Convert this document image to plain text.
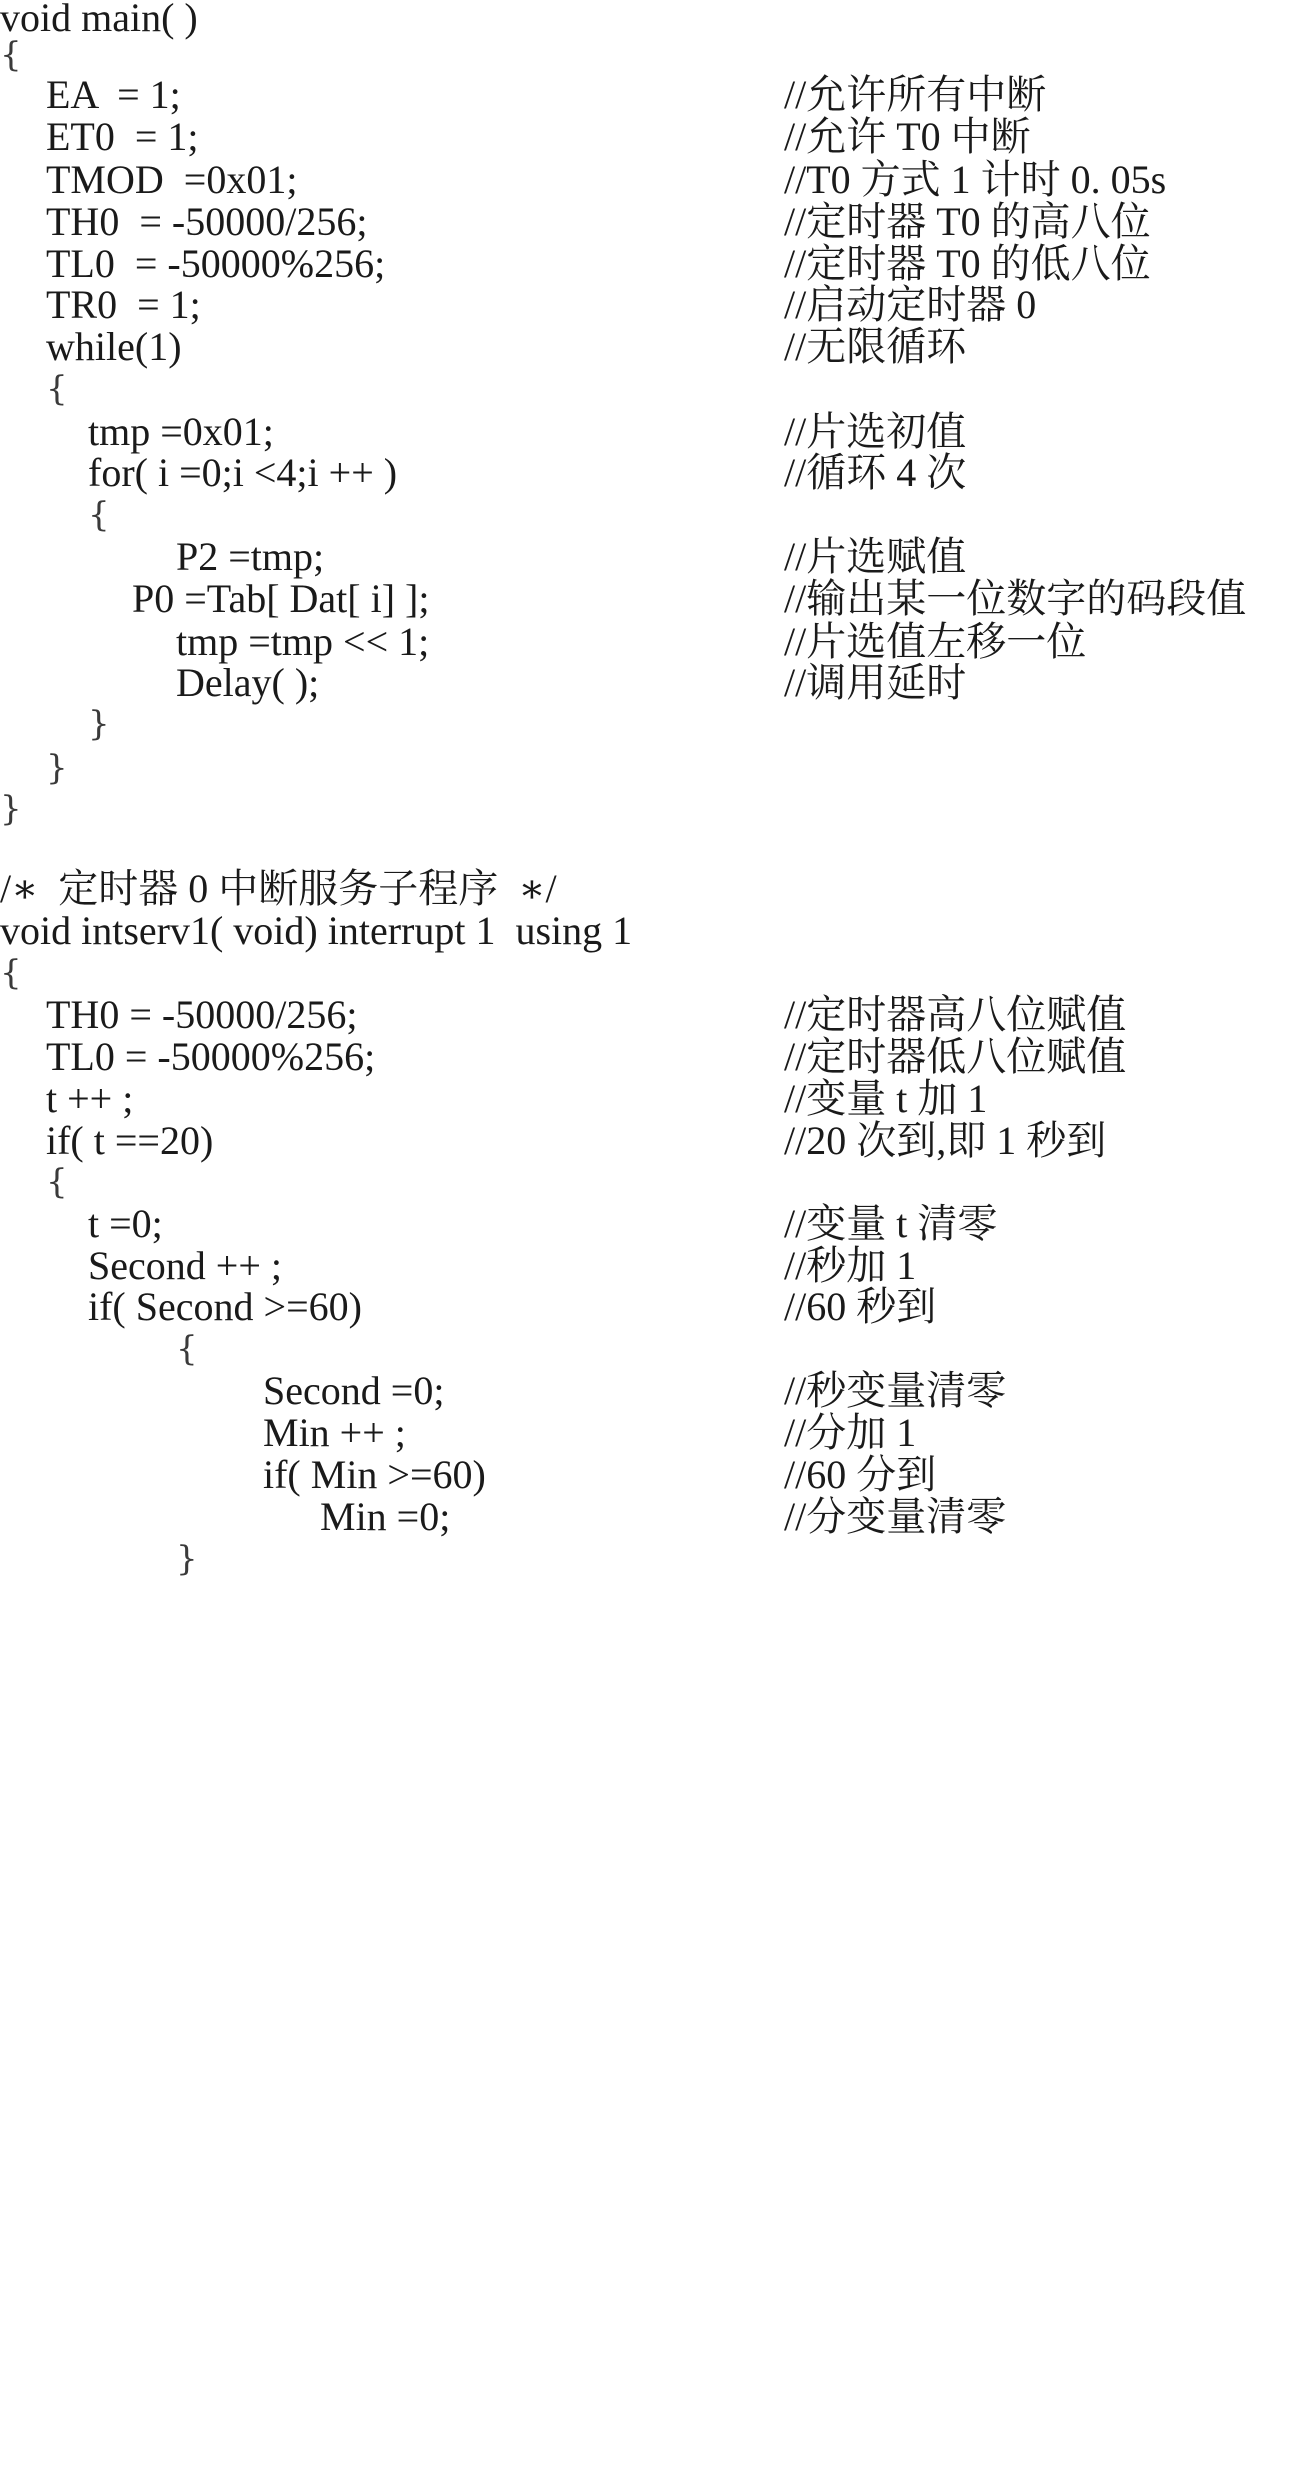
void main( )
{
EA  = 1;	//允许所有中断
ET0  = 1;	//允许 T0 中断
TMOD  =0x01;	//T0 方式 1 计时 0. 05s
TH0  = -50000/256;	//定时器 T0 的高八位
TL0  = -50000%256;	//定时器 T0 的低八位
TR0  = 1;	//启动定时器 0
while(1)	//无限循环
{
tmp =0x01;	//片选初值
for( i =0;i <4;i ++ )	//循环 4 次
{
P2 =tmp;	//片选赋值
P0 =Tab[ Dat[ i] ];	//输出某一位数字的码段值
tmp =tmp << 1;	//片选值左移一位
Delay( );	//调用延时
}
}
}
/∗  定时器 0 中断服务子程序  ∗/
void intserv1( void) interrupt 1  using 1
{
TH0 = -50000/256;	//定时器高八位赋值
TL0 = -50000%256;	//定时器低八位赋值
t ++ ;	//变量 t 加 1
if( t ==20)	//20 次到,即 1 秒到
{
t =0;	//变量 t 清零
Second ++ ;	//秒加 1
if( Second >=60)	//60 秒到
{
Second =0;	//秒变量清零
Min ++ ;	//分加 1
if( Min >=60)	//60 分到
Min =0;	//分变量清零
}
